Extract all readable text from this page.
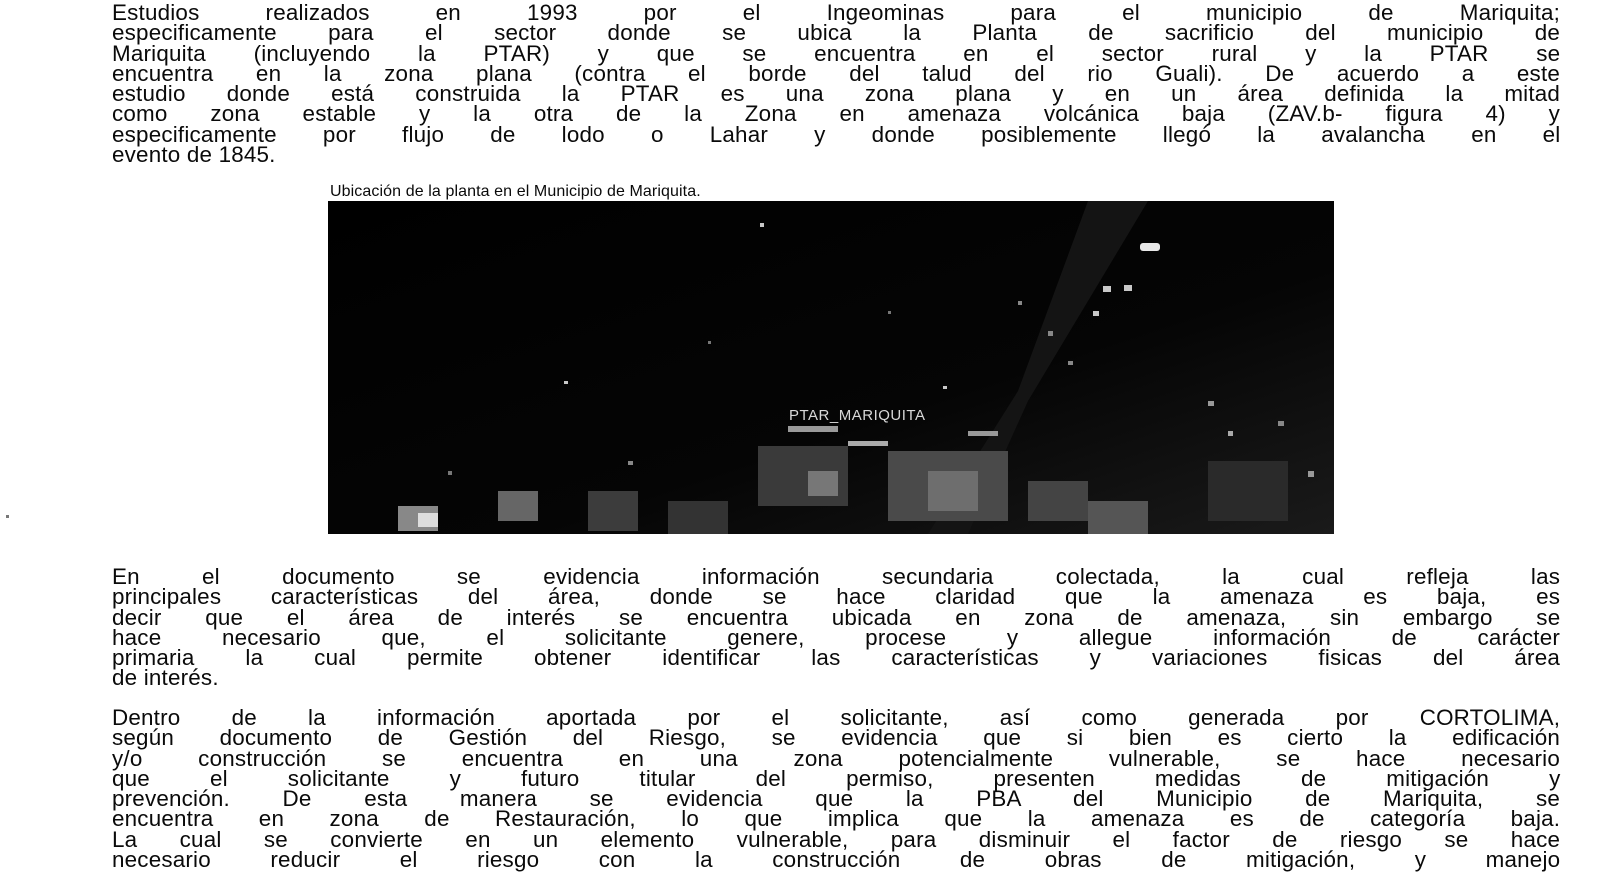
Estudios realizados en 1993 por el Ingeominas para el municipio de Mariquita;
especificamente para el sector donde se ubica la Planta de sacrificio del municipio de
Mariquita (incluyendo la PTAR) y que se encuentra en el sector rural y la PTAR se
encuentra en la zona plana (contra el borde del talud del rio Guali). De acuerdo a este
estudio donde está construida la PTAR es una zona plana y en un área definida la mitad
como zona estable y la otra de la Zona en amenaza volcánica baja (ZAV.b- figura 4) y
especificamente por flujo de lodo o Lahar y donde posiblemente llegó la avalancha en el
evento de 1845.
Ubicación de la planta en el Municipio de Mariquita.
PTAR_MARIQUITA
En el documento se evidencia información secundaria colectada, la cual refleja las
principales características del área, donde se hace claridad que la amenaza es baja, es
decir que el área de interés se encuentra ubicada en zona de amenaza, sin embargo se
hace necesario que, el solicitante genere, procese y allegue información de carácter
primaria la cual permite obtener identificar las características y variaciones fisicas del área
de interés.
Dentro de la información aportada por el solicitante, así como generada por CORTOLIMA,
según documento de Gestión del Riesgo, se evidencia que si bien es cierto la edificación
y/o construcción se encuentra en una zona potencialmente vulnerable, se hace necesario
que el solicitante y futuro titular del permiso, presenten medidas de mitigación y
prevención. De esta manera se evidencia que la PBA del Municipio de Mariquita, se
encuentra en zona de Restauración, lo que implica que la amenaza es de categoría baja.
La cual se convierte en un elemento vulnerable, para disminuir el factor de riesgo se hace
necesario reducir el riesgo con la construcción de obras de mitigación, y manejo
